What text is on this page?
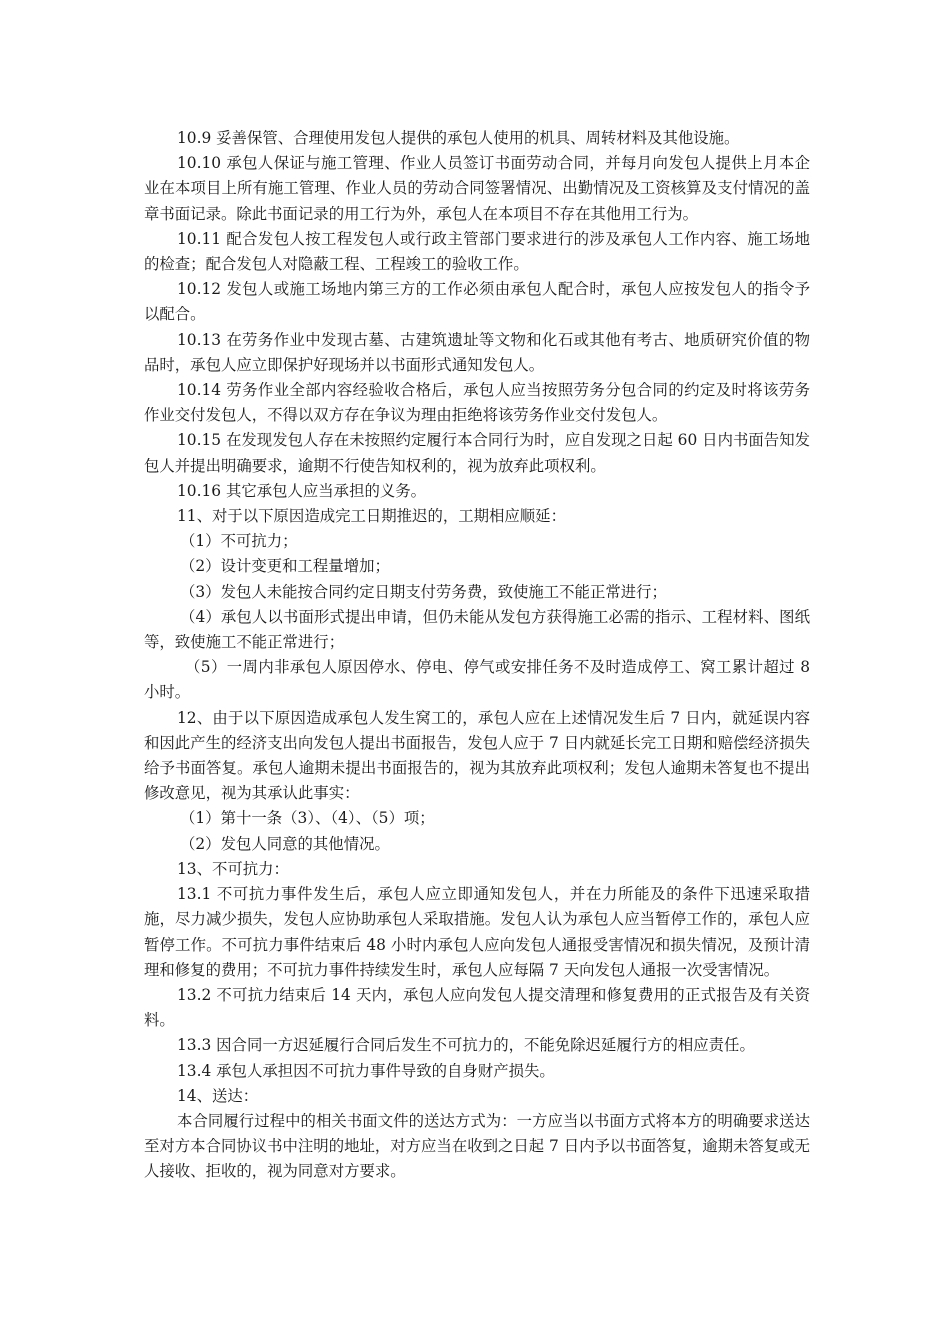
10.9 妥善保管、合理使用发包人提供的承包人使用的机具、周转材料及其他设施。

10.10 承包人保证与施工管理、作业人员签订书面劳动合同，并每月向发包人提供上月本企业在本项目上所有施工管理、作业人员的劳动合同签署情况、出勤情况及工资核算及支付情况的盖章书面记录。除此书面记录的用工行为外，承包人在本项目不存在其他用工行为。

10.11 配合发包人按工程发包人或行政主管部门要求进行的涉及承包人工作内容、施工场地的检查；配合发包人对隐蔽工程、工程竣工的验收工作。

10.12 发包人或施工场地内第三方的工作必须由承包人配合时，承包人应按发包人的指令予以配合。

10.13 在劳务作业中发现古墓、古建筑遗址等文物和化石或其他有考古、地质研究价值的物品时，承包人应立即保护好现场并以书面形式通知发包人。

10.14 劳务作业全部内容经验收合格后，承包人应当按照劳务分包合同的约定及时将该劳务作业交付发包人，不得以双方存在争议为理由拒绝将该劳务作业交付发包人。

10.15 在发现发包人存在未按照约定履行本合同行为时，应自发现之日起 60 日内书面告知发包人并提出明确要求，逾期不行使告知权利的，视为放弃此项权利。

10.16 其它承包人应当承担的义务。

11、对于以下原因造成完工日期推迟的，工期相应顺延：

（1）不可抗力；

（2）设计变更和工程量增加；

（3）发包人未能按合同约定日期支付劳务费，致使施工不能正常进行；

（4）承包人以书面形式提出申请，但仍未能从发包方获得施工必需的指示、工程材料、图纸等，致使施工不能正常进行；

（5）一周内非承包人原因停水、停电、停气或安排任务不及时造成停工、窝工累计超过 8 小时。

12、由于以下原因造成承包人发生窝工的，承包人应在上述情况发生后 7 日内，就延误内容和因此产生的经济支出向发包人提出书面报告，发包人应于 7 日内就延长完工日期和赔偿经济损失给予书面答复。承包人逾期未提出书面报告的，视为其放弃此项权利；发包人逾期未答复也不提出修改意见，视为其承认此事实：

（1）第十一条（3）、（4）、（5）项；

（2）发包人同意的其他情况。

13、不可抗力：

13.1 不可抗力事件发生后，承包人应立即通知发包人，并在力所能及的条件下迅速采取措施，尽力减少损失，发包人应协助承包人采取措施。发包人认为承包人应当暂停工作的，承包人应暂停工作。不可抗力事件结束后 48 小时内承包人应向发包人通报受害情况和损失情况，及预计清理和修复的费用；不可抗力事件持续发生时，承包人应每隔 7 天向发包人通报一次受害情况。

13.2 不可抗力结束后 14 天内，承包人应向发包人提交清理和修复费用的正式报告及有关资料。

13.3 因合同一方迟延履行合同后发生不可抗力的，不能免除迟延履行方的相应责任。

13.4 承包人承担因不可抗力事件导致的自身财产损失。

14、送达：

本合同履行过程中的相关书面文件的送达方式为：一方应当以书面方式将本方的明确要求送达至对方本合同协议书中注明的地址，对方应当在收到之日起 7 日内予以书面答复，逾期未答复或无人接收、拒收的，视为同意对方要求。
